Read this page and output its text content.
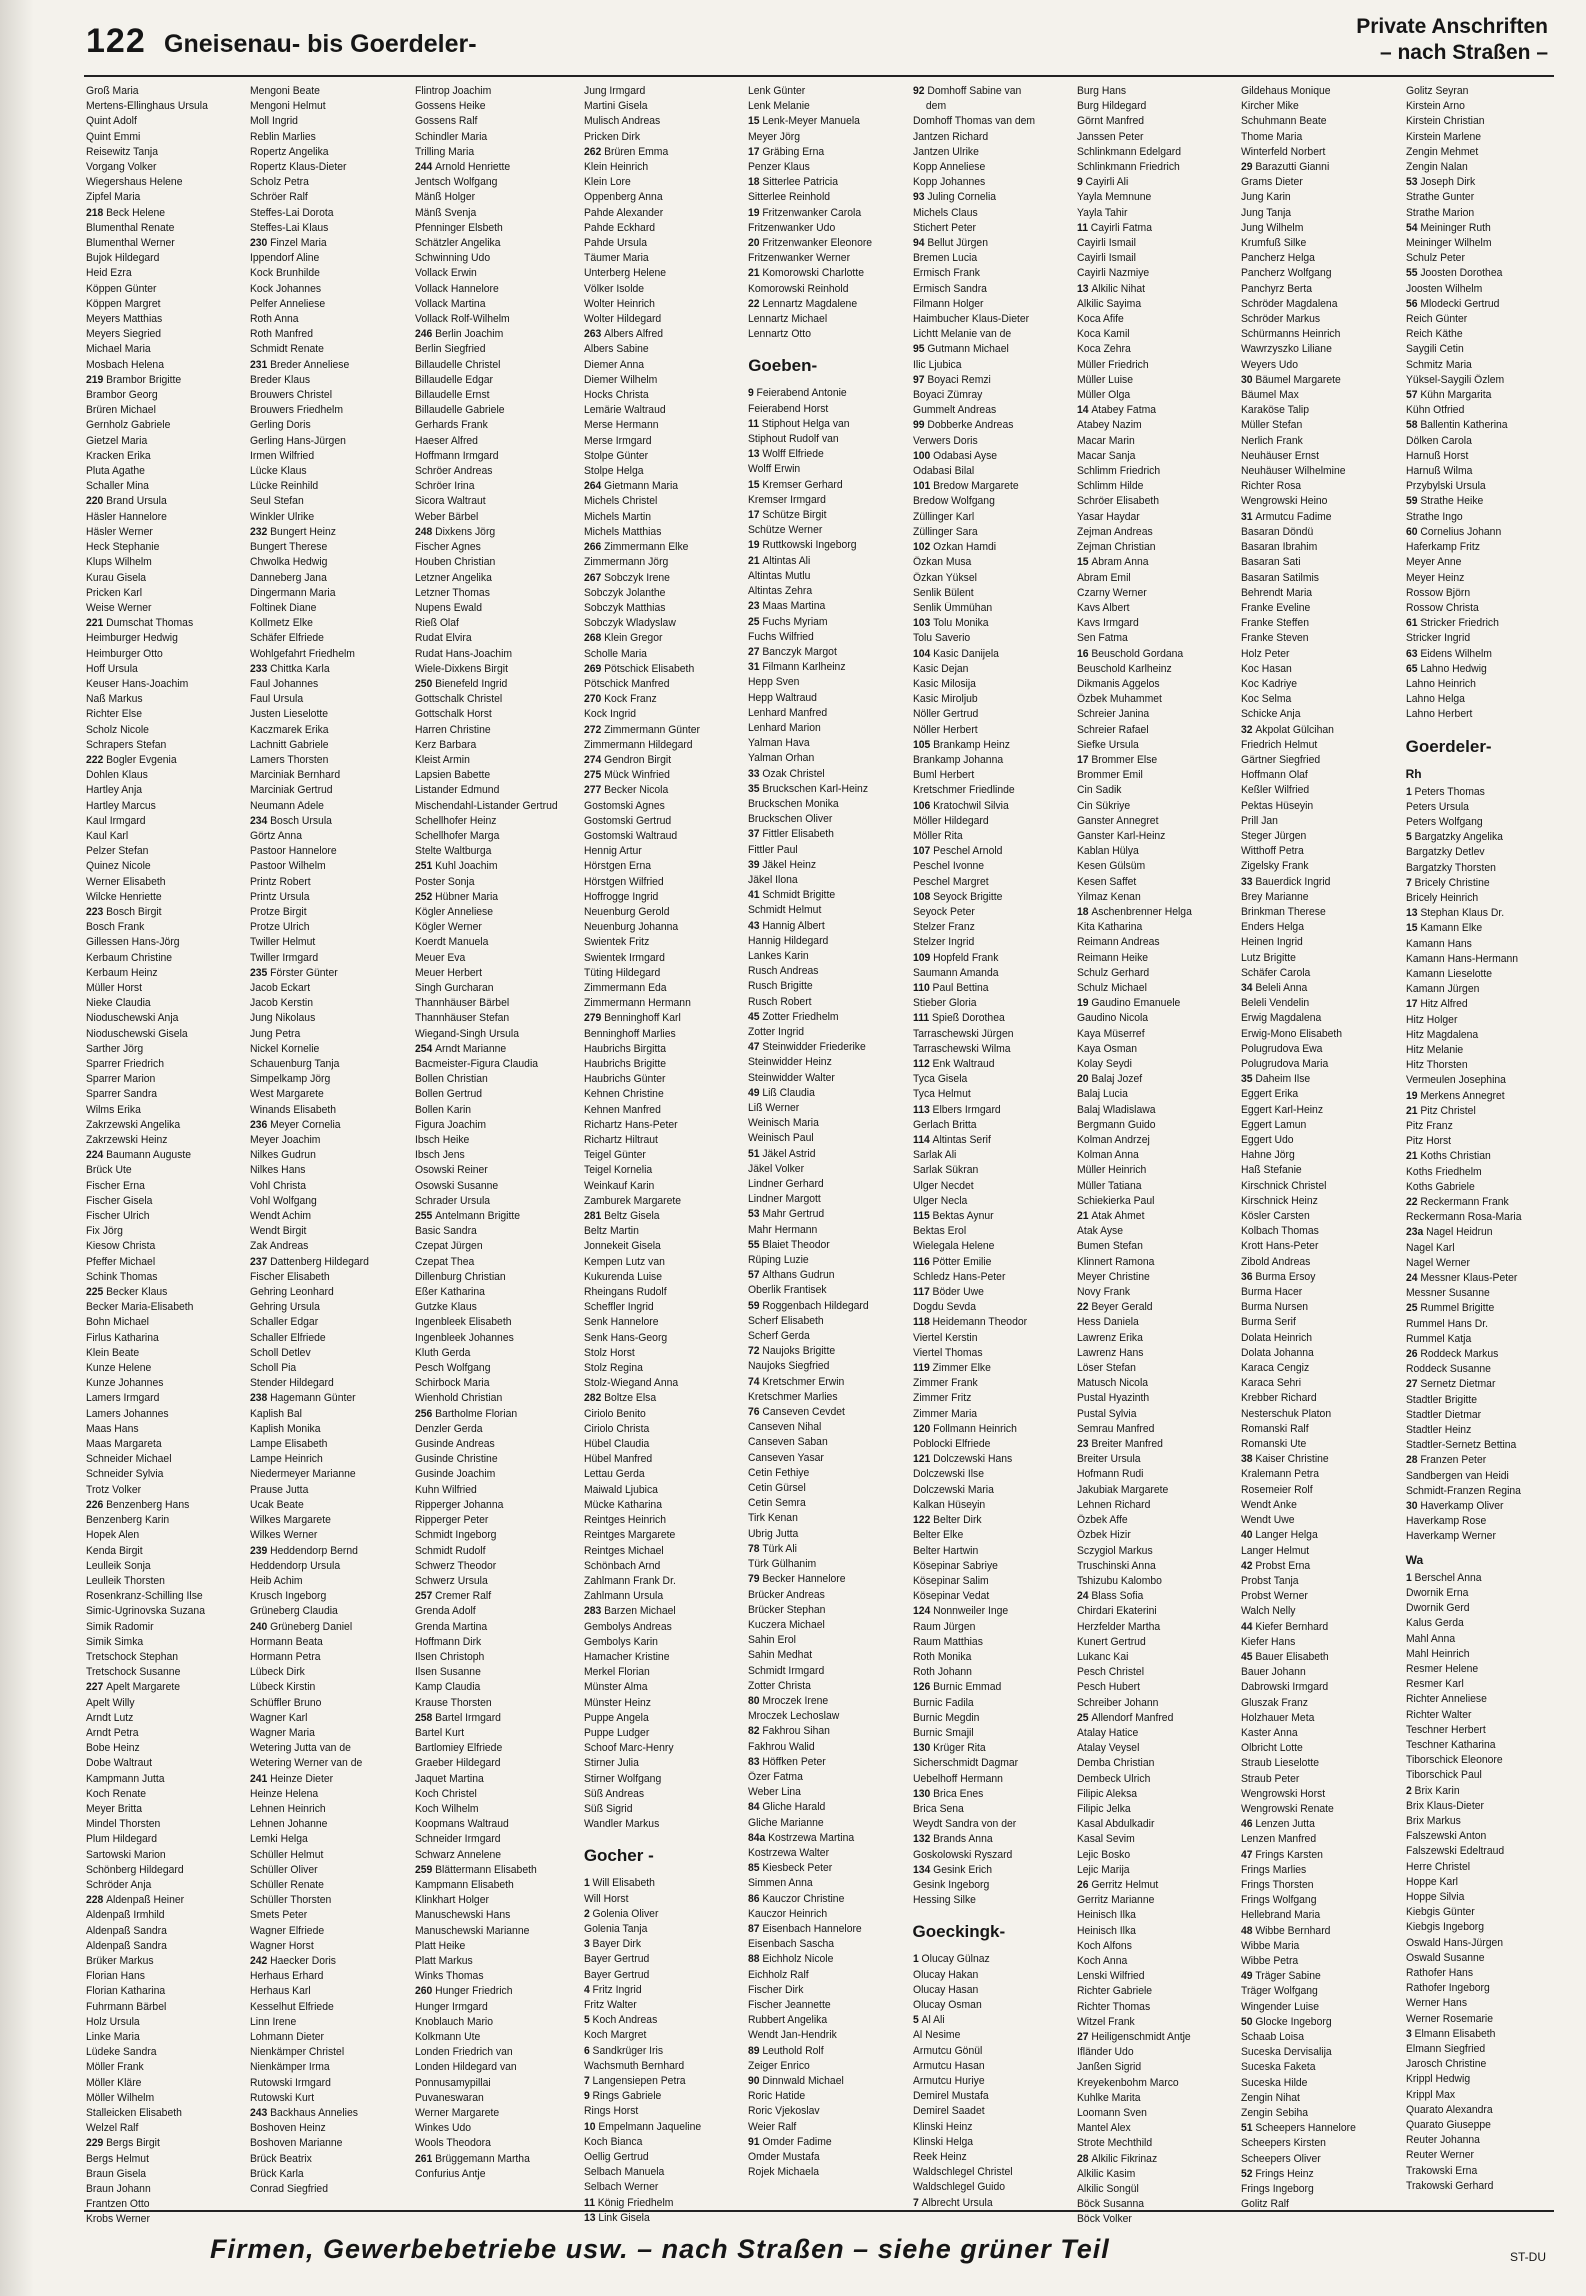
122 Gneisenau- bis Goerdeler-
Private Anschriften
– nach Straßen –
Groß Maria
Mertens-Ellinghaus Ursula
Quint Adolf
Quint Emmi
Reisewitz Tanja
Vorgang Volker
Wiegershaus Helene
Zipfel Maria
218 Beck Helene
Blumenthal Renate
Blumenthal Werner
Bujok Hildegard
Heid Ezra
Köppen Günter
Köppen Margret
Meyers Matthias
Meyers Siegried
Michael Maria
Mosbach Helena
219 Brambor Brigitte
Brambor Georg
Brüren Michael
Gernholz Gabriele
Gietzel Maria
Kracken Erika
Pluta Agathe
Schaller Mina
220 Brand Ursula
Häsler Hannelore
Häsler Werner
Heck Stephanie
Klups Wilhelm
Kurau Gisela
Pricken Karl
Weise Werner
221 Dumschat Thomas
Heimburger Hedwig
Heimburger Otto
Hoff Ursula
Keuser Hans-Joachim
Naß Markus
Richter Else
Scholz Nicole
Schrapers Stefan
222 Bogler Evgenia
Dohlen Klaus
Hartley Anja
Hartley Marcus
Kaul Irmgard
Kaul Karl
Pelzer Stefan
Quinez Nicole
Werner Elisabeth
Wilcke Henriette
223 Bosch Birgit
Bosch Frank
Gillessen Hans-Jörg
Kerbaum Christine
Kerbaum Heinz
Müller Horst
Nieke Claudia
Nioduschewski Anja
Nioduschewski Gisela
Sarther Jörg
Sparrer Friedrich
Sparrer Marion
Sparrer Sandra
Wilms Erika
Zakrzewski Angelika
Zakrzewski Heinz
224 Baumann Auguste
Brück Ute
Fischer Erna
Fischer Gisela
Fischer Ulrich
Fix Jörg
Kiesow Christa
Pfeffer Michael
Schink Thomas
225 Becker Klaus
Becker Maria-Elisabeth
Bohn Michael
Firlus Katharina
Klein Beate
Kunze Helene
Kunze Johannes
Lamers Irmgard
Lamers Johannes
Maas Hans
Maas Margareta
Schneider Michael
Schneider Sylvia
Trotz Volker
226 Benzenberg Hans
Benzenberg Karin
Hopek Alen
Kenda Birgit
Leulleik Sonja
Leulleik Thorsten
Rosenkranz-Schilling Ilse
Simic-Ugrinovska Suzana
Simik Radomir
Simik Simka
Tretschock Stephan
Tretschock Susanne
227 Apelt Margarete
Apelt Willy
Arndt Lutz
Arndt Petra
Bobe Heinz
Dobe Waltraut
Kampmann Jutta
Koch Renate
Meyer Britta
Mindel Thorsten
Plum Hildegard
Sartowski Marion
Schönberg Hildegard
Schröder Anja
228 Aldenpaß Heiner
Aldenpaß Irmhild
Aldenpaß Sandra
Aldenpaß Sandra
Brüker Markus
Florian Hans
Florian Katharina
Fuhrmann Bärbel
Holz Ursula
Linke Maria
Lüdeke Sandra
Möller Frank
Möller Kläre
Möller Wilhelm
Stalleicken Elisabeth
Welzel Ralf
229 Bergs Birgit
Bergs Helmut
Braun Gisela
Braun Johann
Frantzen Otto
Krobs Werner
Mengoni Beate
Mengoni Helmut
Moll Ingrid
Reblin Marlies
Ropertz Angelika
Ropertz Klaus-Dieter
Scholz Petra
Schröer Ralf
Steffes-Lai Dorota
Steffes-Lai Klaus
230 Finzel Maria
Ippendorf Aline
Kock Brunhilde
Kock Johannes
Pelfer Anneliese
Roth Anna
Roth Manfred
Schmidt Renate
231 Breder Anneliese
Breder Klaus
Brouwers Christel
Brouwers Friedhelm
Gerling Doris
Gerling Hans-Jürgen
Irmen Wilfried
Lücke Klaus
Lücke Reinhild
Seul Stefan
Winkler Ulrike
232 Bungert Heinz
Bungert Therese
Chwolka Hedwig
Danneberg Jana
Dingermann Maria
Foltinek Diane
Kollmetz Elke
Schäfer Elfriede
Wohlgefahrt Friedhelm
233 Chittka Karla
Faul Johannes
Faul Ursula
Justen Lieselotte
Kaczmarek Erika
Lachnitt Gabriele
Lamers Thorsten
Marciniak Bernhard
Marciniak Gertrud
Neumann Adele
234 Bosch Ursula
Görtz Anna
Pastoor Hannelore
Pastoor Wilhelm
Printz Robert
Printz Ursula
Protze Birgit
Protze Ulrich
Twiller Helmut
Twiller Irmgard
235 Förster Günter
Jacob Eckart
Jacob Kerstin
Jung Nikolaus
Jung Petra
Nickel Kornelie
Schauenburg Tanja
Simpelkamp Jörg
West Margarete
Winands Elisabeth
236 Meyer Cornelia
Meyer Joachim
Nilkes Gudrun
Nilkes Hans
Vohl Christa
Vohl Wolfgang
Wendt Achim
Wendt Birgit
Zak Andreas
237 Dattenberg Hildegard
Fischer Elisabeth
Gehring Leonhard
Gehring Ursula
Schaller Edgar
Schaller Elfriede
Scholl Detlev
Scholl Pia
Stender Hildegard
238 Hagemann Günter
Kaplish Bal
Kaplish Monika
Lampe Elisabeth
Lampe Heinrich
Niedermeyer Marianne
Prause Jutta
Ucak Beate
Wilkes Margarete
Wilkes Werner
239 Heddendorp Bernd
Heddendorp Ursula
Heib Achim
Krusch Ingeborg
Grüneberg Claudia
240 Grüneberg Daniel
Hormann Beata
Hormann Petra
Lübeck Dirk
Lübeck Kirstin
Schüffler Bruno
Wagner Karl
Wagner Maria
Wetering Jutta van de
Wetering Werner van de
241 Heinze Dieter
Heinze Helena
Lehnen Heinrich
Lehnen Johanne
Lemki Helga
Schüller Helmut
Schüller Oliver
Schüller Renate
Schüller Thorsten
Smets Peter
Wagner Elfriede
Wagner Horst
242 Haecker Doris
Herhaus Erhard
Herhaus Karl
Kesselhut Elfriede
Linn Irene
Lohmann Dieter
Nienkämper Christel
Nienkämper Irma
Rutowski Irmgard
Rutowski Kurt
243 Backhaus Annelies
Boshoven Heinz
Boshoven Marianne
Brück Beatrix
Brück Karla
Conrad Siegfried
Flintrop Joachim
Gossens Heike
Gossens Ralf
Schindler Maria
Trilling Maria
244 Arnold Henriette
Jentsch Wolfgang
Mänß Holger
Mänß Svenja
Pfenninger Elsbeth
Schätzler Angelika
Schwinning Udo
Vollack Erwin
Vollack Hannelore
Vollack Martina
Vollack Rolf-Wilhelm
246 Berlin Joachim
Berlin Siegfried
Billaudelle Christel
Billaudelle Edgar
Billaudelle Ernst
Billaudelle Gabriele
Gerhards Frank
Haeser Alfred
Hoffmann Irmgard
Schröer Andreas
Schröer Irina
Sicora Waltraut
Weber Bärbel
248 Dixkens Jörg
Fischer Agnes
Houben Christian
Letzner Angelika
Letzner Thomas
Nupens Ewald
Rieß Olaf
Rudat Elvira
Rudat Hans-Joachim
Wiele-Dixkens Birgit
250 Bienefeld Ingrid
Gottschalk Christel
Gottschalk Horst
Harren Christine
Kerz Barbara
Kleist Armin
Lapsien Babette
Listander Edmund
Mischendahl-Listander Gertrud
Schellhofer Heinz
Schellhofer Marga
Stelte Waltburga
251 Kuhl Joachim
Poster Sonja
252 Hübner Maria
Kögler Anneliese
Kögler Werner
Koerdt Manuela
Meuer Eva
Meuer Herbert
Singh Gurcharan
Thannhäuser Bärbel
Thannhäuser Stefan
Wiegand-Singh Ursula
254 Arndt Marianne
Bacmeister-Figura Claudia
Bollen Christian
Bollen Gertrud
Bollen Karin
Figura Joachim
Ibsch Heike
Ibsch Jens
Osowski Reiner
Osowski Susanne
Schrader Ursula
255 Antelmann Brigitte
Basic Sandra
Czepat Jürgen
Czepat Thea
Dillenburg Christian
Eßer Katharina
Gutzke Klaus
Ingenbleek Elisabeth
Ingenbleek Johannes
Kluth Gerda
Pesch Wolfgang
Schirbock Maria
Wienhold Christian
256 Bartholme Florian
Denzler Gerda
Gusinde Andreas
Gusinde Christine
Gusinde Joachim
Kuhn Wilfried
Ripperger Johanna
Ripperger Peter
Schmidt Ingeborg
Schmidt Rudolf
Schwerz Theodor
Schwerz Ursula
257 Cremer Ralf
Grenda Adolf
Grenda Martina
Hoffmann Dirk
Ilsen Christoph
Ilsen Susanne
Kamp Claudia
Krause Thorsten
258 Bartel Irmgard
Bartel Kurt
Bartlomiey Elfriede
Graeber Hildegard
Jaquet Martina
Koch Christel
Koch Wilhelm
Koopmans Waltraud
Schneider Irmgard
Schwarz Annelene
259 Blättermann Elisabeth
Kampmann Elisabeth
Klinkhart Holger
Manuschewski Hans
Manuschewski Marianne
Platt Heike
Platt Markus
Winks Thomas
260 Hunger Friedrich
Hunger Irmgard
Knoblauch Mario
Kolkmann Ute
Londen Friedrich van
Londen Hildegard van
Ponnusamypillai
Puvaneswaran
Werner Margarete
Winkes Udo
Wools Theodora
261 Brüggemann Martha
Confurius Antje
Jung Irmgard
Martini Gisela
Mulisch Andreas
Pricken Dirk
262 Brüren Emma
Klein Heinrich
Klein Lore
Oppenberg Anna
Pahde Alexander
Pahde Eckhard
Pahde Ursula
Täumer Maria
Unterberg Helene
Völker Isolde
Wolter Heinrich
Wolter Hildegard
263 Albers Alfred
Albers Sabine
Diemer Anna
Diemer Wilhelm
Hocks Christa
Lemärie Waltraud
Merse Hermann
Merse Irmgard
Stolpe Günter
Stolpe Helga
264 Gietmann Maria
Michels Christel
Michels Martin
Michels Matthias
266 Zimmermann Elke
Zimmermann Jörg
267 Sobczyk Irene
Sobczyk Jolanthe
Sobczyk Matthias
Sobczyk Wladyslaw
268 Klein Gregor
Scholle Maria
269 Pötschick Elisabeth
Pötschick Manfred
270 Kock Franz
Kock Ingrid
272 Zimmermann Günter
Zimmermann Hildegard
274 Gendron Birgit
275 Mück Winfried
277 Becker Nicola
Gostomski Agnes
Gostomski Gertrud
Gostomski Waltraud
Hennig Artur
Hörstgen Erna
Hörstgen Wilfried
Hoffrogge Ingrid
Neuenburg Gerold
Neuenburg Johanna
Swientek Fritz
Swientek Irmgard
Tüting Hildegard
Zimmermann Eda
Zimmermann Hermann
279 Benninghoff Karl
Benninghoff Marlies
Haubrichs Birgitta
Haubrichs Brigitte
Haubrichs Günter
Kehnen Christine
Kehnen Manfred
Richartz Hans-Peter
Richartz Hiltraut
Teigel Günter
Teigel Kornelia
Weinkauf Karin
Zamburek Margarete
281 Beltz Gisela
Beltz Martin
Jonnekeit Gisela
Kempen Lutz van
Kukurenda Luise
Rheingans Rudolf
Scheffler Ingrid
Senk Hannelore
Senk Hans-Georg
Stolz Horst
Stolz Regina
Stolz-Wiegand Anna
282 Boltze Elsa
Ciriolo Benito
Ciriolo Christa
Hübel Claudia
Hübel Manfred
Lettau Gerda
Maiwald Ljubica
Mücke Katharina
Reintges Heinrich
Reintges Margarete
Reintges Michael
Schönbach Arnd
Zahlmann Frank Dr.
Zahlmann Ursula
283 Barzen Michael
Gembolys Andreas
Gembolys Karin
Hamacher Kristine
Merkel Florian
Münster Alma
Münster Heinz
Puppe Angela
Puppe Ludger
Schoof Marc-Henry
Stirner Julia
Stirner Wolfgang
Süß Andreas
Süß Sigrid
Wandler Markus
Gocher -
1 Will Elisabeth
Will Horst
2 Golenia Oliver
Golenia Tanja
3 Bayer Dirk
Bayer Gertrud
Bayer Gertrud
4 Fritz Ingrid
Fritz Walter
5 Koch Andreas
Koch Margret
6 Sandkrüger Iris
Wachsmuth Bernhard
7 Langensiepen Petra
9 Rings Gabriele
Rings Horst
10 Empelmann Jaqueline
Koch Bianca
Oellig Gertrud
Selbach Manuela
Selbach Werner
11 König Friedhelm
13 Link Gisela
Lenk Günter
Lenk Melanie
15 Lenk-Meyer Manuela
Meyer Jörg
17 Gräbing Erna
Penzer Klaus
18 Sitterlee Patricia
Sitterlee Reinhold
19 Fritzenwanker Carola
Fritzenwanker Udo
20 Fritzenwanker Eleonore
Fritzenwanker Werner
21 Komorowski Charlotte
Komorowski Reinhold
22 Lennartz Magdalene
Lennartz Michael
Lennartz Otto
Goeben-
9 Feierabend Antonie
Feierabend Horst
11 Stiphout Helga van
Stiphout Rudolf van
13 Wolff Elfriede
Wolff Erwin
15 Kremser Gerhard
Kremser Irmgard
17 Schütze Birgit
Schütze Werner
19 Ruttkowski Ingeborg
21 Altintas Ali
Altintas Mutlu
Altintas Zehra
23 Maas Martina
25 Fuchs Myriam
Fuchs Wilfried
27 Banczyk Margot
31 Filmann Karlheinz
Hepp Sven
Hepp Waltraud
Lenhard Manfred
Lenhard Marion
Yalman Hava
Yalman Orhan
33 Ozak Christel
35 Bruckschen Karl-Heinz
Bruckschen Monika
Bruckschen Oliver
37 Fittler Elisabeth
Fittler Paul
39 Jäkel Heinz
Jäkel Ilona
41 Schmidt Brigitte
Schmidt Helmut
43 Hannig Albert
Hannig Hildegard
Lankes Karin
Rusch Andreas
Rusch Brigitte
Rusch Robert
45 Zotter Friedhelm
Zotter Ingrid
47 Steinwidder Friederike
Steinwidder Heinz
Steinwidder Walter
49 Liß Claudia
Liß Werner
Weinisch Maria
Weinisch Paul
51 Jäkel Astrid
Jäkel Volker
Lindner Gerhard
Lindner Margott
53 Mahr Gertrud
Mahr Hermann
55 Blaiet Theodor
Rüping Luzie
57 Althans Gudrun
Oberlik Frantisek
59 Roggenbach Hildegard
Scherf Elisabeth
Scherf Gerda
72 Naujoks Brigitte
Naujoks Siegfried
74 Kretschmer Erwin
Kretschmer Marlies
76 Canseven Cevdet
Canseven Nihal
Canseven Saban
Canseven Yasar
Cetin Fethiye
Cetin Gürsel
Cetin Semra
Tirk Kenan
Ubrig Jutta
78 Türk Ali
Türk Gülhanim
79 Becker Hannelore
Brücker Andreas
Brücker Stephan
Kuczera Michael
Sahin Erol
Sahin Medhat
Schmidt Irmgard
Zotter Christa
80 Mroczek Irene
Mroczek Lechoslaw
82 Fakhrou Sihan
Fakhrou Walid
83 Höffken Peter
Özer Fatma
Weber Lina
84 Gliche Harald
Gliche Marianne
84a Kostrzewa Martina
Kostrzewa Walter
85 Kiesbeck Peter
Simmen Anna
86 Kauczor Christine
Kauczor Heinrich
87 Eisenbach Hannelore
Eisenbach Sascha
88 Eichholz Nicole
Eichholz Ralf
Fischer Dirk
Fischer Jeannette
Rubbert Angelika
Wendt Jan-Hendrik
89 Leuthold Rolf
Zeiger Enrico
90 Dinnwald Michael
Roric Hatide
Roric Vjekoslav
Weier Ralf
91 Omder Fadime
Omder Mustafa
Rojek Michaela
92 Domhoff Sabine van
dem
Domhoff Thomas van dem
Jantzen Richard
Jantzen Ulrike
Kopp Anneliese
Kopp Johannes
93 Juling Cornelia
Michels Claus
Stichert Peter
94 Bellut Jürgen
Bremen Lucia
Ermisch Frank
Ermisch Sandra
Filmann Holger
Haimbucher Klaus-Dieter
Lichtt Melanie van de
95 Gutmann Michael
Ilic Ljubica
97 Boyaci Remzi
Boyaci Zümray
Gummelt Andreas
99 Dobberke Andreas
Verwers Doris
100 Odabasi Ayse
Odabasi Bilal
101 Bredow Margarete
Bredow Wolfgang
Züllinger Karl
Züllinger Sara
102 Ozkan Hamdi
Özkan Musa
Özkan Yüksel
Senlik Bülent
Senlik Ümmühan
103 Tolu Monika
Tolu Saverio
104 Kasic Danijela
Kasic Dejan
Kasic Milosija
Kasic Miroljub
Nöller Gertrud
Nöller Herbert
105 Brankamp Heinz
Brankamp Johanna
Buml Herbert
Kretschmer Friedlinde
106 Kratochwil Silvia
Möller Hildegard
Möller Rita
107 Peschel Arnold
Peschel Ivonne
Peschel Margret
108 Seyock Brigitte
Seyock Peter
Stelzer Franz
Stelzer Ingrid
109 Hopfeld Frank
Saumann Amanda
110 Paul Bettina
Stieber Gloria
111 Spieß Dorothea
Tarraschewski Jürgen
Tarraschewski Wilma
112 Enk Waltraud
Tyca Gisela
Tyca Helmut
113 Elbers Irmgard
Gerlach Britta
114 Altintas Serif
Sarlak Ali
Sarlak Sükran
Ulger Necdet
Ulger Necla
115 Bektas Aynur
Bektas Erol
Wielegala Helene
116 Pötter Emilie
Schledz Hans-Peter
117 Böder Uwe
Dogdu Sevda
118 Heidemann Theodor
Viertel Kerstin
Viertel Thomas
119 Zimmer Elke
Zimmer Frank
Zimmer Fritz
Zimmer Maria
120 Follmann Heinrich
Poblocki Elfriede
121 Dolczewski Hans
Dolczewski Ilse
Dolczewski Maria
Kalkan Hüseyin
122 Belter Dirk
Belter Elke
Belter Hartwin
Kösepinar Sabriye
Kösepinar Salim
Kösepinar Vedat
124 Nonnweiler Inge
Raum Jürgen
Raum Matthias
Roth Monika
Roth Johann
126 Burnic Emmad
Burnic Fadila
Burnic Megdin
Burnic Smajil
130 Krüger Rita
Sicherschmidt Dagmar
Uebelhoff Hermann
130 Brica Enes
Brica Sena
Weydt Sandra von der
132 Brands Anna
Goskolowski Ryszard
134 Gesink Erich
Gesink Ingeborg
Hessing Silke
Goeckingk-
1 Olucay Gülnaz
Olucay Hakan
Olucay Hasan
Olucay Osman
5 Al Ali
Al Nesime
Armutcu Gönül
Armutcu Hasan
Armutcu Huriye
Demirel Mustafa
Demirel Saadet
Klinski Heinz
Klinski Helga
Reek Heinz
Waldschlegel Christel
Waldschlegel Guido
7 Albrecht Ursula
Burg Hans
Burg Hildegard
Görnt Manfred
Janssen Peter
Schlinkmann Edelgard
Schlinkmann Friedrich
9 Cayirli Ali
Yayla Memnune
Yayla Tahir
11 Cayirli Fatma
Cayirli Ismail
Cayirli Ismail
Cayirli Nazmiye
13 Alkilic Nihat
Alkilic Sayima
Koca Afife
Koca Kamil
Koca Zehra
Müller Friedrich
Müller Luise
Müller Olga
14 Atabey Fatma
Atabey Nazim
Macar Marin
Macar Sanja
Schlimm Friedrich
Schlimm Hilde
Schröer Elisabeth
Yasar Haydar
Zejman Andreas
Zejman Christian
15 Abram Anna
Abram Emil
Czarny Werner
Kavs Albert
Kavs Irmgard
Sen Fatma
16 Beuschold Gordana
Beuschold Karlheinz
Dikmanis Aggelos
Özbek Muhammet
Schreier Janina
Schreier Rafael
Siefke Ursula
17 Brommer Else
Brommer Emil
Cin Sadik
Cin Sükriye
Ganster Annegret
Ganster Karl-Heinz
Kablan Hülya
Kesen Gülsüm
Kesen Saffet
Yilmaz Kenan
18 Aschenbrenner Helga
Kita Katharina
Reimann Andreas
Reimann Heike
Schulz Gerhard
Schulz Michael
19 Gaudino Emanuele
Gaudino Nicola
Kaya Müserref
Kaya Osman
Kolay Seydi
20 Balaj Jozef
Balaj Lucia
Balaj Wladislawa
Bergmann Guido
Kolman Andrzej
Kolman Anna
Müller Heinrich
Müller Tatiana
Schiekierka Paul
21 Atak Ahmet
Atak Ayse
Bumen Stefan
Klinnert Ramona
Meyer Christine
Novy Frank
22 Beyer Gerald
Hess Daniela
Lawrenz Erika
Lawrenz Hans
Löser Stefan
Matusch Nicola
Pustal Hyazinth
Pustal Sylvia
Semrau Manfred
23 Breiter Manfred
Breiter Ursula
Hofmann Rudi
Jakubiak Margarete
Lehnen Richard
Özbek Affe
Özbek Hizir
Sczygiol Markus
Truschinski Anna
Tshizubu Kalombo
24 Blass Sofia
Chirdari Ekaterini
Herzfelder Martha
Kunert Gertrud
Lukanc Kai
Pesch Christel
Pesch Hubert
Schreiber Johann
25 Allendorf Manfred
Atalay Hatice
Atalay Veysel
Demba Christian
Dembeck Ulrich
Filipic Aleksa
Filipic Jelka
Kasal Abdulkadir
Kasal Sevim
Lejic Bosko
Lejic Marija
26 Gerritz Helmut
Gerritz Marianne
Heinisch Ilka
Heinisch Ilka
Koch Alfons
Koch Anna
Lenski Wilfried
Richter Gabriele
Richter Thomas
Witzel Frank
27 Heiligenschmidt Antje
Ifländer Udo
Janßen Sigrid
Kreyekenbohm Marco
Kuhlke Marita
Loomann Sven
Mantel Alex
Strote Mechthild
28 Alkilic Fikrinaz
Alkilic Kasim
Alkilic Songül
Böck Susanna
Böck Volker
Gildehaus Monique
Kircher Mike
Schuhmann Beate
Thome Maria
Winterfeld Norbert
29 Barazutti Gianni
Grams Dieter
Jung Karin
Jung Tanja
Jung Wilhelm
Krumfuß Silke
Pancherz Helga
Pancherz Wolfgang
Panchyrz Berta
Schröder Magdalena
Schröder Markus
Schürmanns Heinrich
Wawrzyszko Liliane
Weyers Udo
30 Bäumel Margarete
Bäumel Max
Karaköse Talip
Müller Stefan
Nerlich Frank
Neuhäuser Ernst
Neuhäuser Wilhelmine
Richter Rosa
Wengrowski Heino
31 Armutcu Fadime
Basaran Döndü
Basaran Ibrahim
Basaran Sati
Basaran Satilmis
Behrendt Maria
Franke Eveline
Franke Steffen
Franke Steven
Holz Peter
Koc Hasan
Koc Kadriye
Koc Selma
Schicke Anja
32 Akpolat Gülcihan
Friedrich Helmut
Gärtner Siegfried
Hoffmann Olaf
Keßler Wilfried
Pektas Hüseyin
Prill Jan
Steger Jürgen
Witthoff Petra
Zigelsky Frank
33 Bauerdick Ingrid
Brey Marianne
Brinkman Therese
Enders Helga
Heinen Ingrid
Lutz Brigitte
Schäfer Carola
34 Beleli Anna
Beleli Vendelin
Erwig Magdalena
Erwig-Mono Elisabeth
Polugrudova Ewa
Polugrudova Maria
35 Daheim Ilse
Eggert Erika
Eggert Karl-Heinz
Eggert Lamun
Eggert Udo
Hahne Jörg
Haß Stefanie
Kirschnick Christel
Kirschnick Heinz
Kösler Carsten
Kolbach Thomas
Krott Hans-Peter
Zibold Andreas
36 Burma Ersoy
Burma Hacer
Burma Nursen
Burma Serif
Dolata Heinrich
Dolata Johanna
Karaca Cengiz
Karaca Sehri
Krebber Richard
Nesterschuk Platon
Romanski Ralf
Romanski Ute
38 Kaiser Christine
Kralemann Petra
Rosemeier Rolf
Wendt Anke
Wendt Uwe
40 Langer Helga
Langer Helmut
42 Probst Erna
Probst Tanja
Probst Werner
Walch Nelly
44 Kiefer Bernhard
Kiefer Hans
45 Bauer Elisabeth
Bauer Johann
Dabrowski Irmgard
Gluszak Franz
Holzhauer Meta
Kaster Anna
Olbricht Lotte
Straub Lieselotte
Straub Peter
Wengrowski Horst
Wengrowski Renate
46 Lenzen Jutta
Lenzen Manfred
47 Frings Karsten
Frings Marlies
Frings Thorsten
Frings Wolfgang
Hellebrand Maria
48 Wibbe Bernhard
Wibbe Maria
Wibbe Petra
49 Träger Sabine
Träger Wolfgang
Wingender Luise
50 Glocke Ingeborg
Schaab Loisa
Suceska Dervisalija
Suceska Faketa
Suceska Hilde
Zengin Nihat
Zengin Sebiha
51 Scheepers Hannelore
Scheepers Kirsten
Scheepers Oliver
52 Frings Heinz
Frings Ingeborg
Golitz Ralf
Golitz Seyran
Kirstein Arno
Kirstein Christian
Kirstein Marlene
Zengin Mehmet
Zengin Nalan
53 Joseph Dirk
Strathe Gunter
Strathe Marion
54 Meininger Ruth
Meininger Wilhelm
Schulz Peter
55 Joosten Dorothea
Joosten Wilhelm
56 Mlodecki Gertrud
Reich Günter
Reich Käthe
Saygili Cetin
Schmitz Maria
Yüksel-Saygili Özlem
57 Kühn Margarita
Kühn Otfried
58 Ballentin Katherina
Dölken Carola
Harnuß Horst
Harnuß Wilma
Przybylski Ursula
59 Strathe Heike
Strathe Ingo
60 Cornelius Johann
Haferkamp Fritz
Meyer Anne
Meyer Heinz
Rossow Björn
Rossow Christa
61 Stricker Friedrich
Stricker Ingrid
63 Eidens Wilhelm
65 Lahno Hedwig
Lahno Heinrich
Lahno Helga
Lahno Herbert
Goerdeler-
Rh
1 Peters Thomas
Peters Ursula
Peters Wolfgang
5 Bargatzky Angelika
Bargatzky Detlev
Bargatzky Thorsten
7 Bricely Christine
Bricely Heinrich
13 Stephan Klaus Dr.
15 Kamann Elke
Kamann Hans
Kamann Hans-Hermann
Kamann Lieselotte
Kamann Jürgen
17 Hitz Alfred
Hitz Holger
Hitz Magdalena
Hitz Melanie
Hitz Thorsten
Vermeulen Josephina
19 Merkens Annegret
21 Pitz Christel
Pitz Franz
Pitz Horst
21 Koths Christian
Koths Friedhelm
Koths Gabriele
22 Reckermann Frank
Reckermann Rosa-Maria
23a Nagel Heidrun
Nagel Karl
Nagel Werner
24 Messner Klaus-Peter
Messner Susanne
25 Rummel Brigitte
Rummel Hans Dr.
Rummel Katja
26 Roddeck Markus
Roddeck Susanne
27 Sernetz Dietmar
Stadtler Brigitte
Stadtler Dietmar
Stadtler Heinz
Stadtler-Sernetz Bettina
28 Franzen Peter
Sandbergen van Heidi
Schmidt-Franzen Regina
30 Haverkamp Oliver
Haverkamp Rose
Haverkamp Werner
Wa
1 Berschel Anna
Dwornik Erna
Dwornik Gerd
Kalus Gerda
Mahl Anna
Mahl Heinrich
Resmer Helene
Resmer Karl
Richter Anneliese
Richter Walter
Teschner Herbert
Teschner Katharina
Tiborschick Eleonore
Tiborschick Paul
2 Brix Karin
Brix Klaus-Dieter
Brix Markus
Falszewski Anton
Falszewski Edeltraud
Herre Christel
Hoppe Karl
Hoppe Silvia
Kiebgis Günter
Kiebgis Ingeborg
Oswald Hans-Jürgen
Oswald Susanne
Rathofer Hans
Rathofer Ingeborg
Werner Hans
Werner Rosemarie
3 Elmann Elisabeth
Elmann Siegfried
Jarosch Christine
Krippl Hedwig
Krippl Max
Quarato Alexandra
Quarato Giuseppe
Reuter Johanna
Reuter Werner
Trakowski Erna
Trakowski Gerhard
Firmen, Gewerbebetriebe usw. – nach Straßen – siehe grüner Teil	ST-DU
